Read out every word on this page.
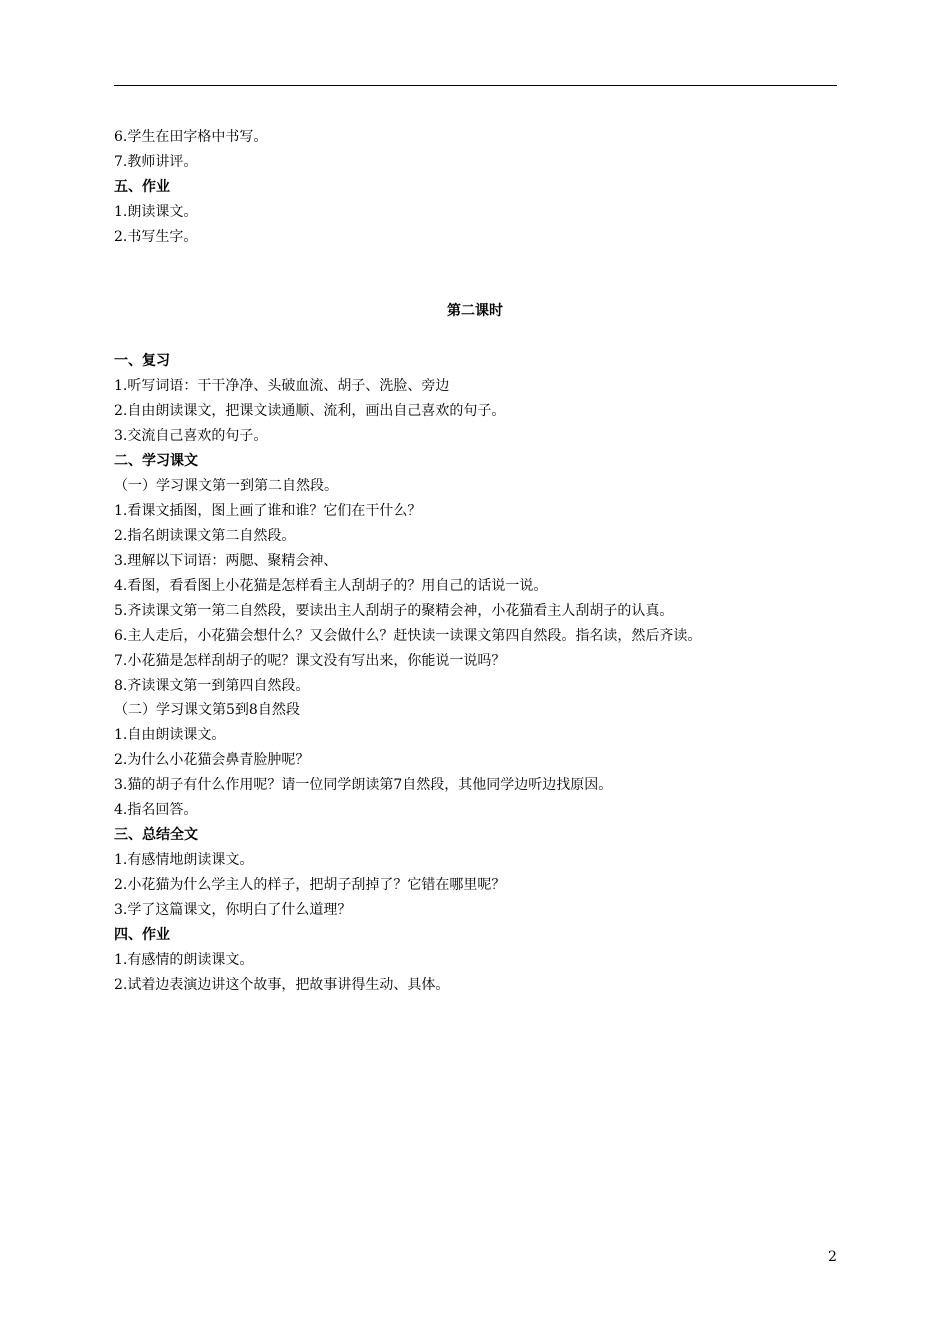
6.学生在田字格中书写。
7.教师讲评。
五、作业
1.朗读课文。
2.书写生字。
第二课时
一、复习
1.听写词语：干干净净、头破血流、胡子、洗脸、旁边
2.自由朗读课文，把课文读通顺、流利，画出自己喜欢的句子。
3.交流自己喜欢的句子。
二、学习课文
（一）学习课文第一到第二自然段。
1.看课文插图，图上画了谁和谁？它们在干什么？
2.指名朗读课文第二自然段。
3.理解以下词语：两腮、聚精会神、
4.看图，看看图上小花猫是怎样看主人刮胡子的？用自己的话说一说。
5.齐读课文第一第二自然段，要读出主人刮胡子的聚精会神，小花猫看主人刮胡子的认真。
6.主人走后，小花猫会想什么？又会做什么？赶快读一读课文第四自然段。指名读，然后齐读。
7.小花猫是怎样刮胡子的呢？课文没有写出来，你能说一说吗？
8.齐读课文第一到第四自然段。
（二）学习课文第5到8自然段
1.自由朗读课文。
2.为什么小花猫会鼻青脸肿呢？
3.猫的胡子有什么作用呢？请一位同学朗读第7自然段，其他同学边听边找原因。
4.指名回答。
三、总结全文
1.有感情地朗读课文。
2.小花猫为什么学主人的样子，把胡子刮掉了？它错在哪里呢？
3.学了这篇课文，你明白了什么道理？
四、作业
1.有感情的朗读课文。
2.试着边表演边讲这个故事，把故事讲得生动、具体。
2
